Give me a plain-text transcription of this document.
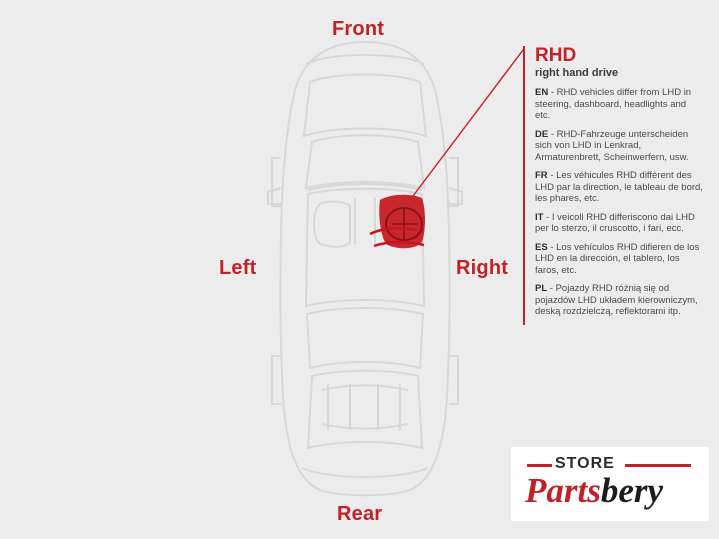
Front
Rear
Left	Right
RHD
right hand drive
EN - RHD vehicles differ from LHD in steering, dashboard, headlights and etc.
DE - RHD-Fahrzeuge unterscheiden sich von LHD in Lenkrad, Armaturenbrett, Scheinwerfern, usw.
FR - Les véhicules RHD diffèrent des LHD par la direction, le tableau de bord, les phares, etc.
IT - I veicoli RHD differiscono dai LHD per lo sterzo, il cruscotto, i fari, ecc.
ES - Los vehículos RHD difieren de los LHD en la dirección, el tablero, los faros, etc.
PL - Pojazdy RHD różnią się od pojazdów LHD układem kierowniczym, deską rozdzielczą, reflektorami itp.
STORE
Partsbery
